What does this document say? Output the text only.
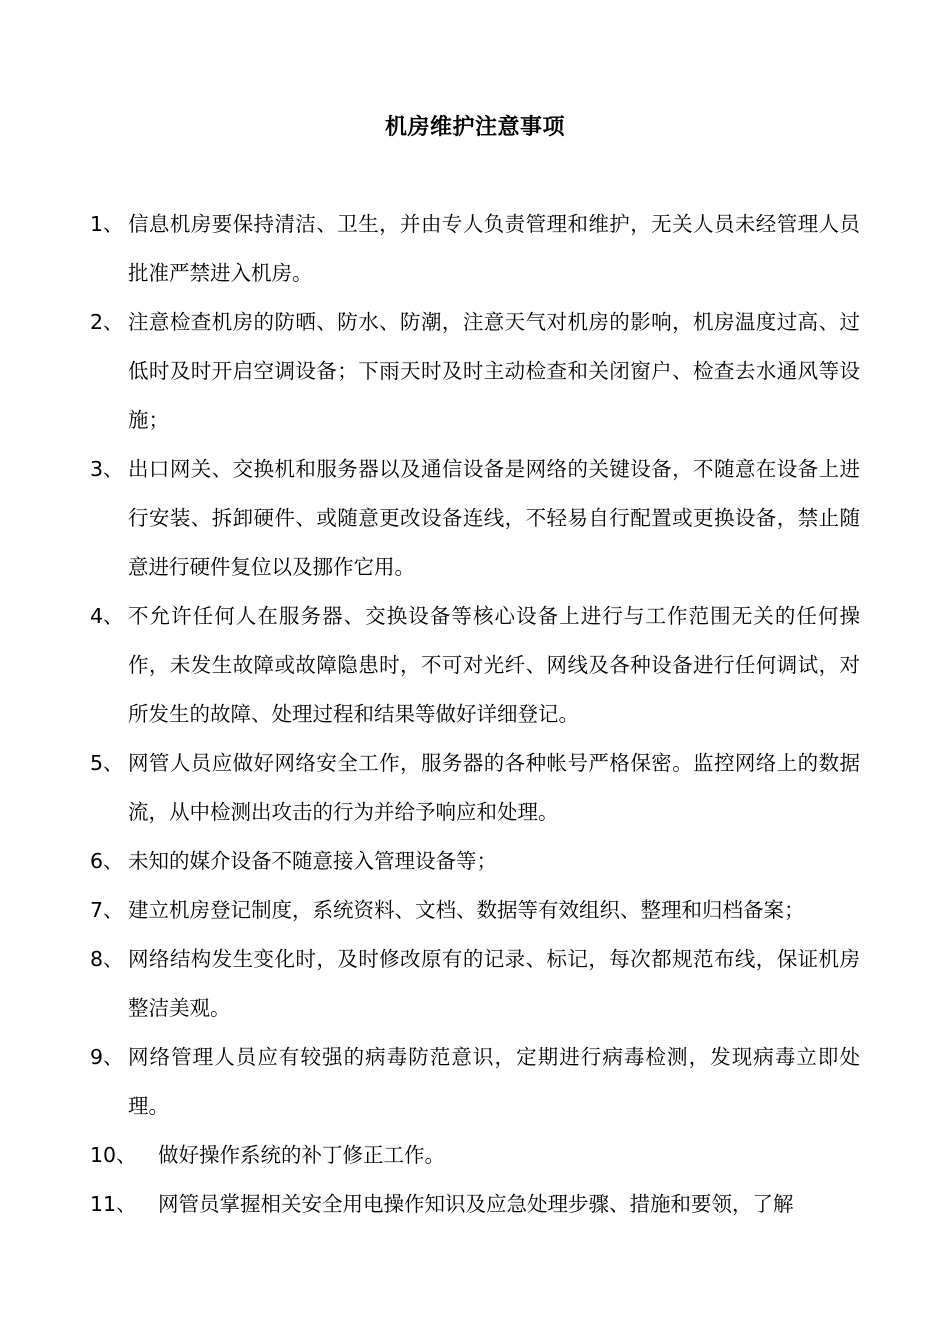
机房维护注意事项
1、 信息机房要保持清洁、卫生，并由专人负责管理和维护，无关人员未经管理人员批准严禁进入机房。
2、 注意检查机房的防晒、防水、防潮，注意天气对机房的影响，机房温度过高、过低时及时开启空调设备；下雨天时及时主动检查和关闭窗户、检查去水通风等设施；
3、 出口网关、交换机和服务器以及通信设备是网络的关键设备，不随意在设备上进行安装、拆卸硬件、或随意更改设备连线，不轻易自行配置或更换设备，禁止随意进行硬件复位以及挪作它用。
4、 不允许任何人在服务器、交换设备等核心设备上进行与工作范围无关的任何操作，未发生故障或故障隐患时，不可对光纤、网线及各种设备进行任何调试，对所发生的故障、处理过程和结果等做好详细登记。
5、 网管人员应做好网络安全工作，服务器的各种帐号严格保密。监控网络上的数据流，从中检测出攻击的行为并给予响应和处理。
6、 未知的媒介设备不随意接入管理设备等；
7、 建立机房登记制度，系统资料、文档、数据等有效组织、整理和归档备案；
8、 网络结构发生变化时，及时修改原有的记录、标记，每次都规范布线，保证机房整洁美观。
9、 网络管理人员应有较强的病毒防范意识，定期进行病毒检测，发现病毒立即处理。
10、	做好操作系统的补丁修正工作。
11、	网管员掌握相关安全用电操作知识及应急处理步骤、措施和要领，了解
